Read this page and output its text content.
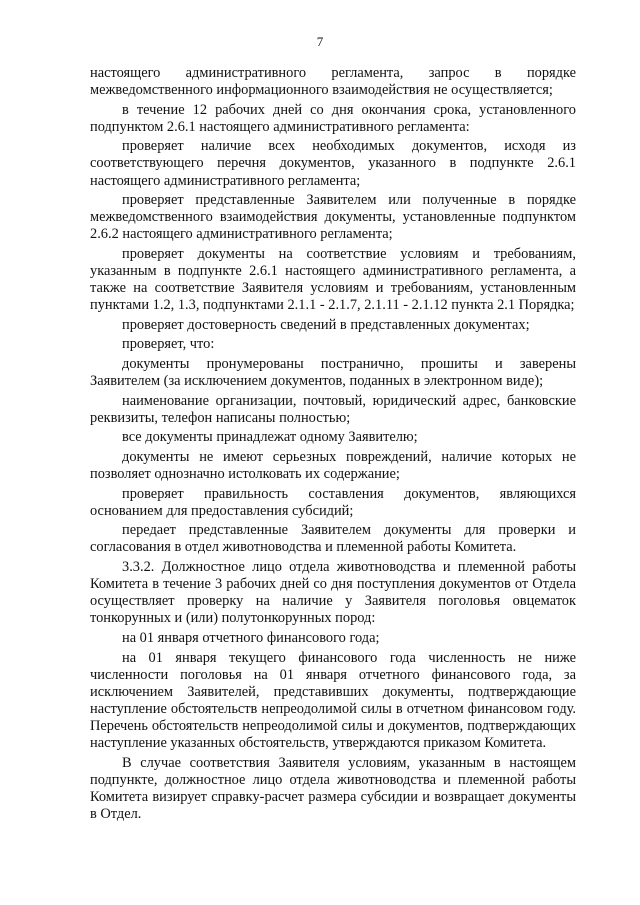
7

настоящего административного регламента, запрос в порядке межведомственного информационного взаимодействия не осуществляется;

в течение 12 рабочих дней со дня окончания срока, установленного подпунктом 2.6.1 настоящего административного регламента:

проверяет наличие всех необходимых документов, исходя из соответствующего перечня документов, указанного в подпункте 2.6.1 настоящего административного регламента;

проверяет представленные Заявителем или полученные в порядке межведомственного взаимодействия документы, установленные подпунктом 2.6.2 настоящего административного регламента;

проверяет документы на соответствие условиям и требованиям, указанным в подпункте 2.6.1 настоящего административного регламента, а также на соответствие Заявителя условиям и требованиям, установленным пунктами 1.2, 1.3, подпунктами 2.1.1 - 2.1.7, 2.1.11 - 2.1.12 пункта 2.1 Порядка;

проверяет достоверность сведений в представленных документах;

проверяет, что:

документы пронумерованы постранично, прошиты и заверены Заявителем (за исключением документов, поданных в электронном виде);

наименование организации, почтовый, юридический адрес, банковские реквизиты, телефон написаны полностью;

все документы принадлежат одному Заявителю;

документы не имеют серьезных повреждений, наличие которых не позволяет однозначно истолковать их содержание;

проверяет правильность составления документов, являющихся основанием для предоставления субсидий;

передает представленные Заявителем документы для проверки и согласования в отдел животноводства и племенной работы Комитета.

3.3.2. Должностное лицо отдела животноводства и племенной работы Комитета в течение 3 рабочих дней со дня поступления документов от Отдела осуществляет проверку на наличие у Заявителя поголовья овцематок тонкорунных и (или) полутонкорунных пород:

на 01 января отчетного финансового года;

на 01 января текущего финансового года численность не ниже численности поголовья на 01 января отчетного финансового года, за исключением Заявителей, представивших документы, подтверждающие наступление обстоятельств непреодолимой силы в отчетном финансовом году. Перечень обстоятельств непреодолимой силы и документов, подтверждающих наступление указанных обстоятельств, утверждаются приказом Комитета.

В случае соответствия Заявителя условиям, указанным в настоящем подпункте, должностное лицо отдела животноводства и племенной работы Комитета визирует справку-расчет размера субсидии и возвращает документы в Отдел.
